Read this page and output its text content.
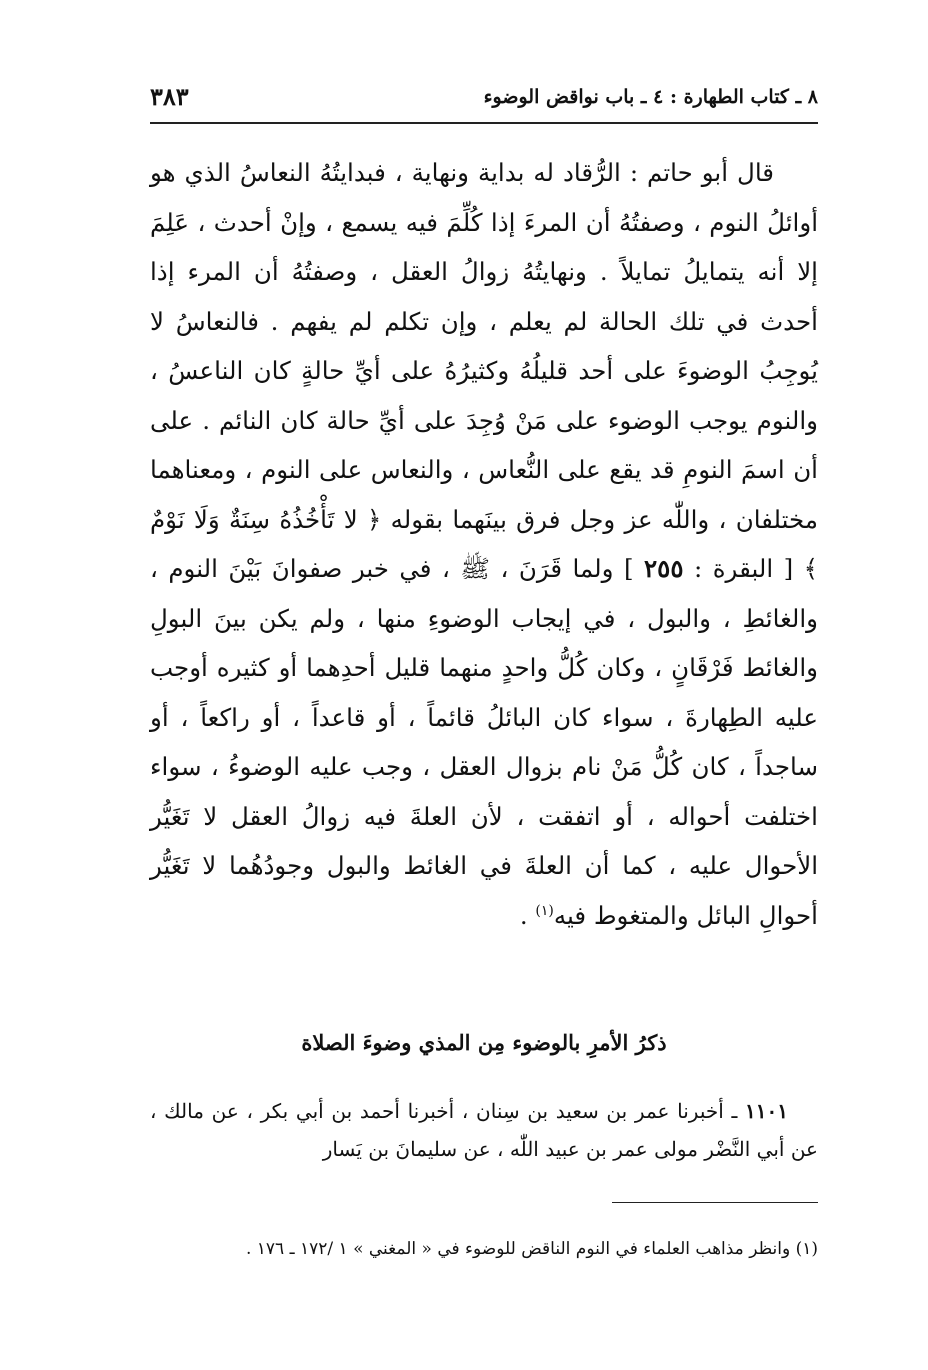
٨ ـ كتاب الطهارة : ٤ ـ باب نواقض الوضوء
٣٨٣

قال أبو حاتم : الرُّقاد له بداية ونهاية ، فبدايتُهُ النعاسُ الذي هو أوائلُ النوم ، وصفتُهُ أن المرءَ إذا كُلِّمَ فيه يسمع ، وإنْ أحدث ، عَلِمَ إلا أنه يتمايلُ تمايلاً . ونهايتُهُ زوالُ العقل ، وصفتُهُ أن المرء إذا أحدث في تلك الحالة لم يعلم ، وإن تكلم لم يفهم . فالنعاسُ لا يُوجِبُ الوضوءَ على أحد قليلُهُ وكثيرُهُ على أيِّ حالةٍ كان الناعسُ ، والنوم يوجب الوضوء على مَنْ وُجِدَ على أيِّ حالة كان النائم . على أن اسمَ النومِ قد يقع على النُّعاس ، والنعاس على النوم ، ومعناهما مختلفان ، واللّٰه عز وجل فرق بينَهما بقوله ﴿ لا تَأْخُذُهُ سِنَةٌ وَلَا نَوْمٌ ﴾ [ البقرة : ٢٥٥ ] ولما قَرَنَ ، ﷺ ، في خبر صفوانَ بَيْنَ النوم ، والغائطِ ، والبول ، في إيجاب الوضوءِ منها ، ولم يكن بينَ البولِ والغائط فَرْقَانٍ ، وكان كُلُّ واحدٍ منهما قليل أحدِهما أو كثيره أوجب عليه الطِهارةَ ، سواء كان البائلُ قائماً ، أو قاعداً ، أو راكعاً ، أو ساجداً ، كان كُلُّ مَنْ نام بزوال العقل ، وجب عليه الوضوءُ ، سواء اختلفت أحواله ، أو اتفقت ، لأن العلةَ فيه زوالُ العقل لا تَغَيُّر الأحوال عليه ، كما أن العلةَ في الغائط والبول وجودُهُما لا تَغَيُّر أحوالِ البائل والمتغوط فيه$^{(١)}$ .

ذكرُ الأمرِ بالوضوء مِن المذي وضوءَ الصلاة

١١٠١ ـ أخبرنا عمر بن سعيد بن سِنان ، أخبرنا أحمد بن أبي بكر ، عن مالك ، عن أبي النَّضْر مولى عمر بن عبيد اللّٰه ، عن سليمانَ بن يَسار

(١) وانظر مذاهب العلماء في النوم الناقض للوضوء في « المغني » ١ /١٧٢ ـ ١٧٦ .
